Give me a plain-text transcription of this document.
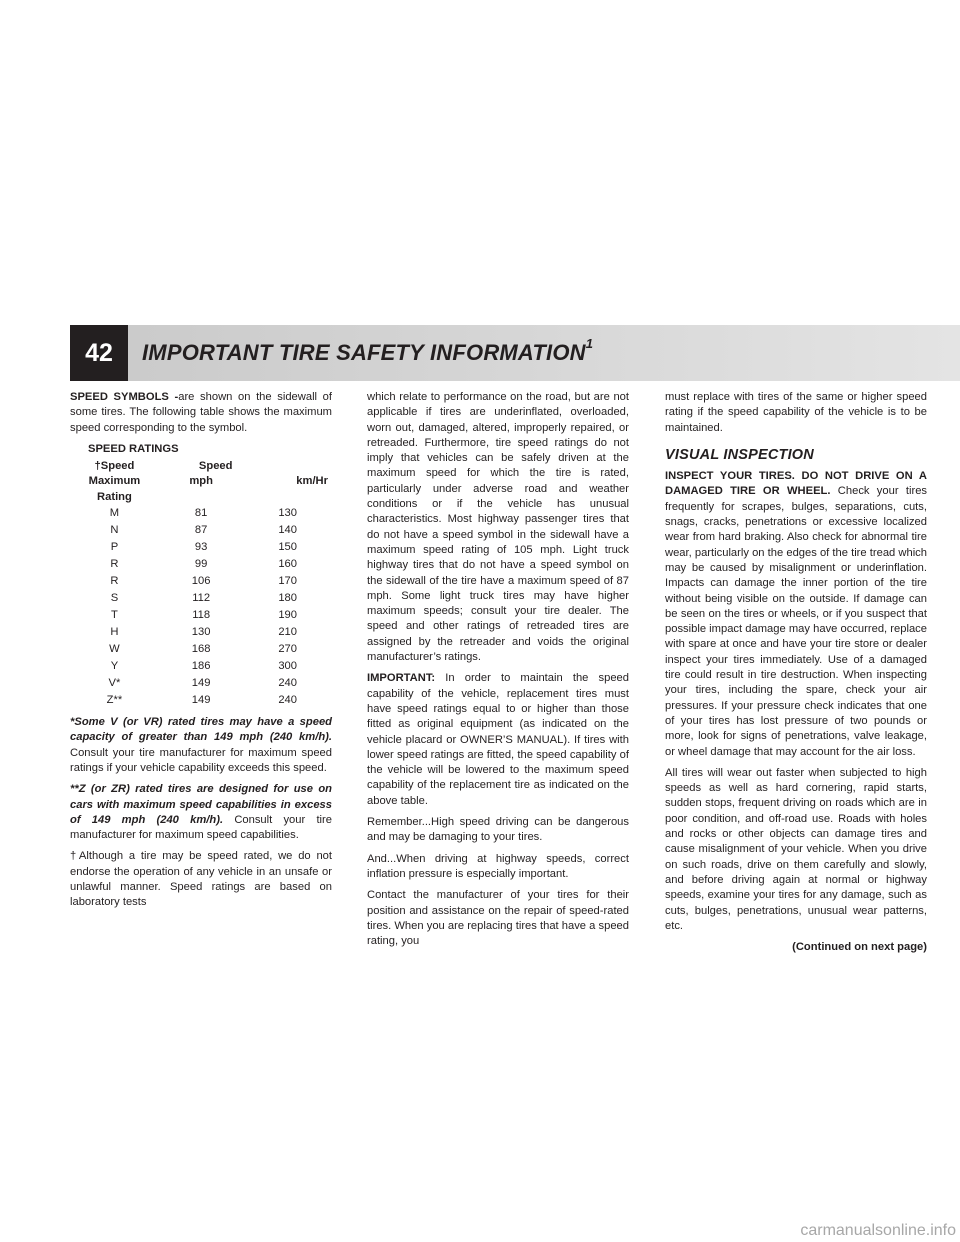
42	IMPORTANT TIRE SAFETY INFORMATION$^1$

SPEED SYMBOLS -are shown on the sidewall of some tires. The following table shows the maximum speed corresponding to the symbol.

SPEED RATINGS
†Speed	Speed	
Maximum	mph	km/Hr
Rating		
M	81	130
N	87	140
P	93	150
R	99	160
R	106	170
S	112	180
T	118	190
H	130	210
W	168	270
Y	186	300
V*	149	240
Z**	149	240

*Some V (or VR) rated tires may have a speed capacity of greater than 149 mph (240 km/h). Consult your tire manufacturer for maximum speed ratings if your vehicle capability exceeds this speed.

**Z (or ZR) rated tires are designed for use on cars with maximum speed capabilities in excess of 149 mph (240 km/h). Consult your tire manufacturer for maximum speed capabilities.

†Although a tire may be speed rated, we do not endorse the operation of any vehicle in an unsafe or unlawful manner. Speed ratings are based on laboratory tests

which relate to performance on the road, but are not applicable if tires are underinflated, overloaded, worn out, damaged, altered, improperly repaired, or retreaded. Furthermore, tire speed ratings do not imply that vehicles can be safely driven at the maximum speed for which the tire is rated, particularly under adverse road and weather conditions or if the vehicle has unusual characteristics. Most highway passenger tires that do not have a speed symbol in the sidewall have a maximum speed rating of 105 mph. Light truck highway tires that do not have a speed symbol on the sidewall of the tire have a maximum speed of 87 mph. Some light truck tires may have higher maximum speeds; consult your tire dealer. The speed and other ratings of retreaded tires are assigned by the retreader and voids the original manufacturer’s ratings.

IMPORTANT: In order to maintain the speed capability of the vehicle, replacement tires must have speed ratings equal to or higher than those fitted as original equipment (as indicated on the vehicle placard or OWNER’S MANUAL). If tires with lower speed ratings are fitted, the speed capability of the vehicle will be lowered to the maximum speed capability of the replacement tire as indicated on the above table.

Remember...High speed driving can be dangerous and may be damaging to your tires.

And...When driving at highway speeds, correct inflation pressure is especially important.

Contact the manufacturer of your tires for their position and assistance on the repair of speed-rated tires. When you are replacing tires that have a speed rating, you

must replace with tires of the same or higher speed rating if the speed capability of the vehicle is to be maintained.

VISUAL INSPECTION

INSPECT YOUR TIRES. DO NOT DRIVE ON A DAMAGED TIRE OR WHEEL. Check your tires frequently for scrapes, bulges, separations, cuts, snags, cracks, penetrations or excessive localized wear from hard braking. Also check for abnormal tire wear, particularly on the edges of the tire tread which may be caused by misalignment or underinflation. Impacts can damage the inner portion of the tire without being visible on the outside. If damage can be seen on the tires or wheels, or if you suspect that possible impact damage may have occurred, replace with spare at once and have your tire store or dealer inspect your tires immediately. Use of a damaged tire could result in tire destruction. When inspecting your tires, including the spare, check your air pressures. If your pressure check indicates that one of your tires has lost pressure of two pounds or more, look for signs of penetrations, valve leakage, or wheel damage that may account for the air loss.

All tires will wear out faster when subjected to high speeds as well as hard cornering, rapid starts, sudden stops, frequent driving on roads which are in poor condition, and off-road use. Roads with holes and rocks or other objects can damage tires and cause misalignment of your vehicle. When you drive on such roads, drive on them carefully and slowly, and before driving again at normal or highway speeds, examine your tires for any damage, such as cuts, bulges, penetrations, unusual wear patterns, etc.

(Continued on next page)
carmanualsonline.info
